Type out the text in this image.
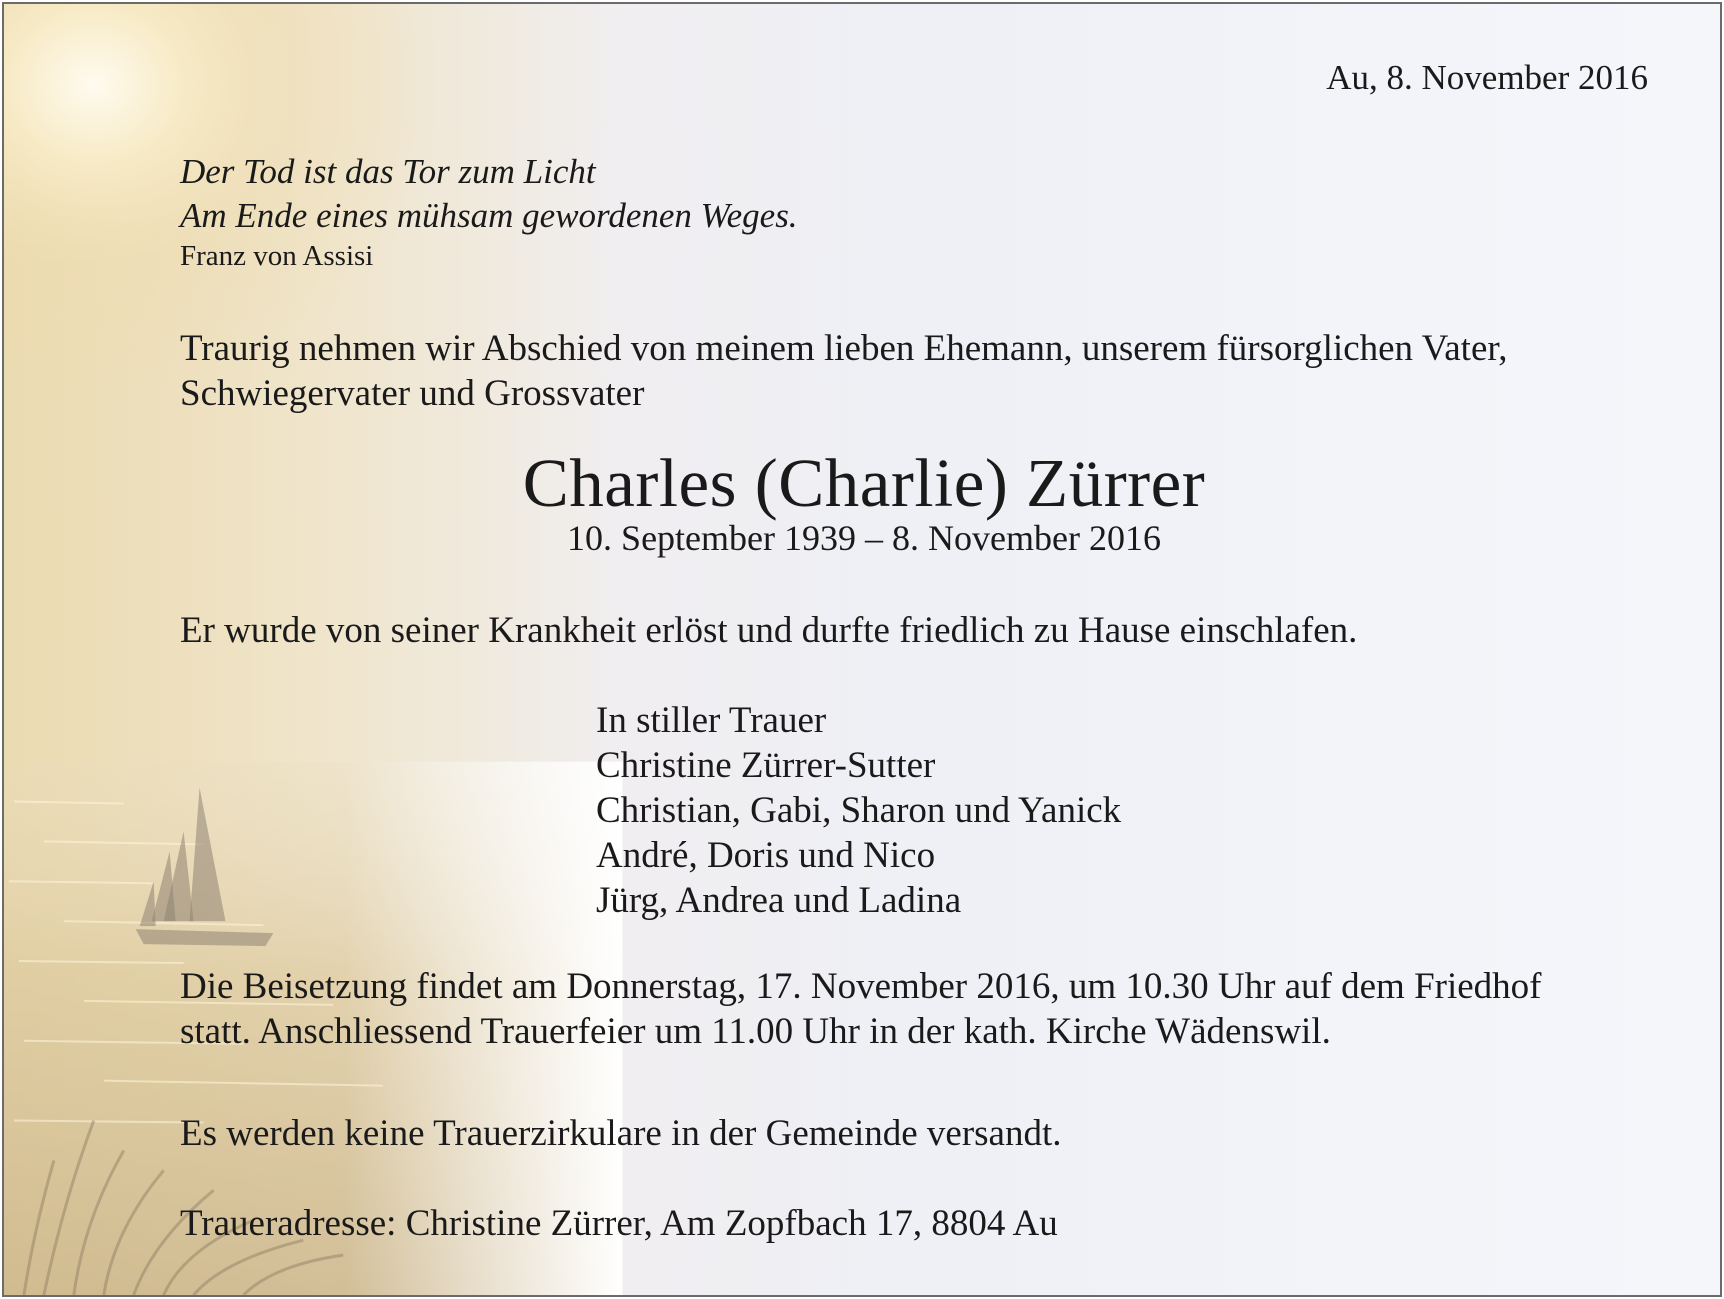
Au, 8. November 2016
Der Tod ist das Tor zum Licht
Am Ende eines mühsam gewordenen Weges.
Franz von Assisi
Traurig nehmen wir Abschied von meinem lieben Ehemann, unserem fürsorglichen Vater,
Schwiegervater und Grossvater
Charles (Charlie) Zürrer
10. September 1939 – 8. November 2016
Er wurde von seiner Krankheit erlöst und durfte friedlich zu Hause einschlafen.
In stiller Trauer
Christine Zürrer-Sutter
Christian, Gabi, Sharon und Yanick
André, Doris und Nico
Jürg, Andrea und Ladina
Die Beisetzung findet am Donnerstag, 17. November 2016, um 10.30 Uhr auf dem Friedhof
statt. Anschliessend Trauerfeier um 11.00 Uhr in der kath. Kirche Wädenswil.
Es werden keine Trauerzirkulare in der Gemeinde versandt.
Traueradresse: Christine Zürrer, Am Zopfbach 17, 8804 Au
